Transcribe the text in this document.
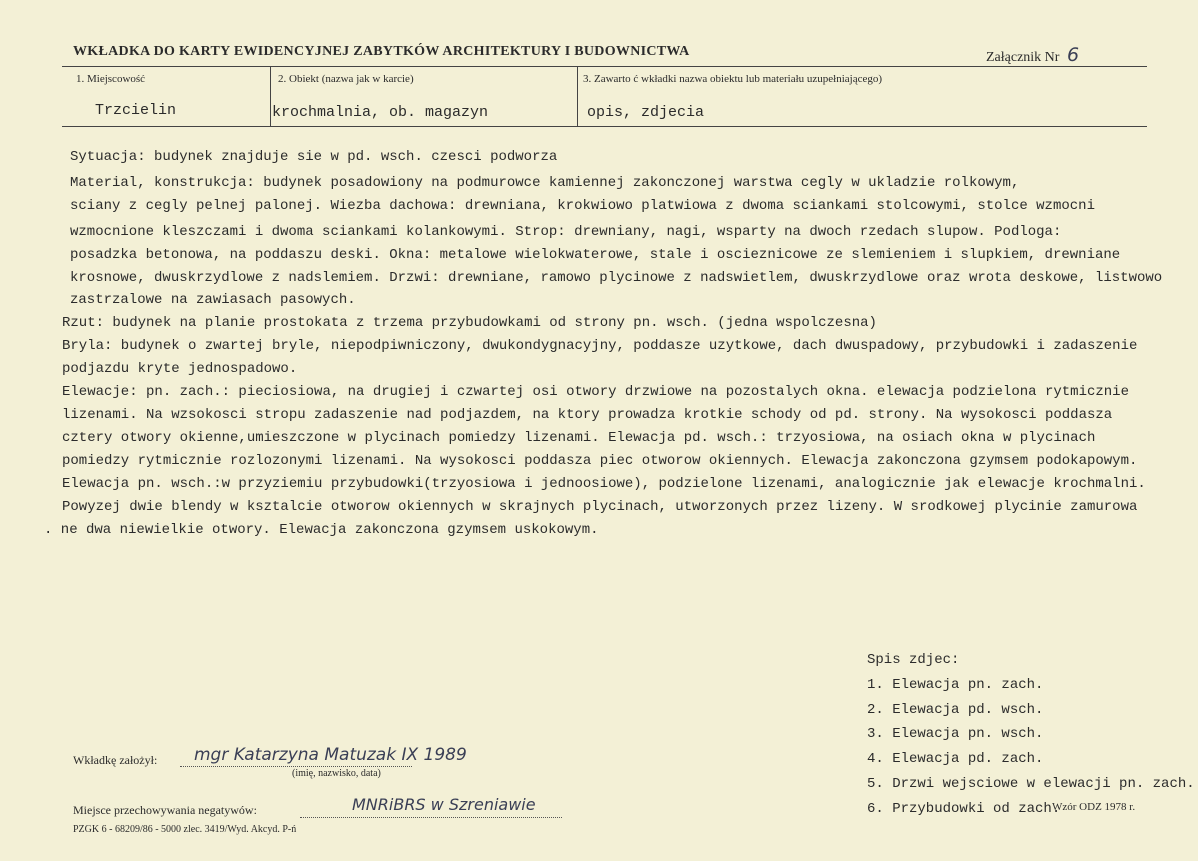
WKŁADKA DO KARTY EWIDENCYJNEJ ZABYTKÓW ARCHITEKTURY I BUDOWNICTWA	Załącznik Nr 6
1. Miejscowość
Trzcielin
2. Obiekt (nazwa jak w karcie)
krochmalnia, ob. magazyn
3. Zawarto ć wkładki nazwa obiektu lub materiału uzupełniającego)
opis, zdjecia

Sytuacja: budynek znajduje sie w pd. wsch. czesci podworza

Material, konstrukcja: budynek posadowiony na podmurowce kamiennej zakonczonej warstwa cegly w ukladzie rolkowym,

sciany z cegly pelnej palonej. Wiezba dachowa: drewniana, krokwiowo platwiowa z dwoma sciankami stolcowymi, stolce wzmocni

wzmocnione kleszczami i dwoma sciankami kolankowymi. Strop: drewniany, nagi, wsparty na dwoch rzedach slupow. Podloga:

posadzka betonowa, na poddaszu deski. Okna: metalowe wielokwaterowe, stale i oscieznicowe ze slemieniem i slupkiem, drewniane

krosnowe, dwuskrzydlowe z nadslemiem. Drzwi: drewniane, ramowo plycinowe z nadswietlem, dwuskrzydlowe oraz wrota deskowe, listwowo

zastrzalowe na zawiasach pasowych.

Rzut: budynek na planie prostokata z trzema przybudowkami od strony pn. wsch. (jedna wspolczesna)

Bryla: budynek o zwartej bryle, niepodpiwniczony, dwukondygnacyjny, poddasze uzytkowe, dach dwuspadowy, przybudowki i zadaszenie

podjazdu kryte jednospadowo.

Elewacje: pn. zach.: pieciosiowa, na drugiej i czwartej osi otwory drzwiowe na pozostalych okna. elewacja podzielona rytmicznie

lizenami. Na wzsokosci stropu zadaszenie nad podjazdem, na ktory prowadza krotkie schody od pd. strony. Na wysokosci poddasza

cztery otwory okienne,umieszczone w plycinach pomiedzy lizenami. Elewacja pd. wsch.: trzyosiowa, na osiach okna w plycinach

pomiedzy rytmicznie rozlozonymi lizenami. Na wysokosci poddasza piec otworow okiennych. Elewacja zakonczona gzymsem podokapowym.

Elewacja pn. wsch.:w przyziemiu przybudowki(trzyosiowa i jednoosiowe), podzielone lizenami, analogicznie jak elewacje krochmalni.

Powyzej dwie blendy w ksztalcie otworow okiennych w skrajnych plycinach, utworzonych przez lizeny. W srodkowej plycinie zamurowa

. ne dwa niewielkie otwory. Elewacja zakonczona gzymsem uskokowym.

Spis zdjec:

1. Elewacja pn. zach.

2. Elewacja pd. wsch.

3. Elewacja pn. wsch.

4. Elewacja pd. zach.

5. Drzwi wejsciowe w elewacji pn. zach.

6. Przybudowki od zach.

Wkładkę założył: mgr Katarzyna Matuzak IX 1989
(imię, nazwisko, data)
Miejsce przechowywania negatywów:	MNRiBRS w Szreniawie
PZGK 6 - 68209/86 - 5000 zlec. 3419/Wyd. Akcyd. P-ń
Wzór ODZ 1978 r.
